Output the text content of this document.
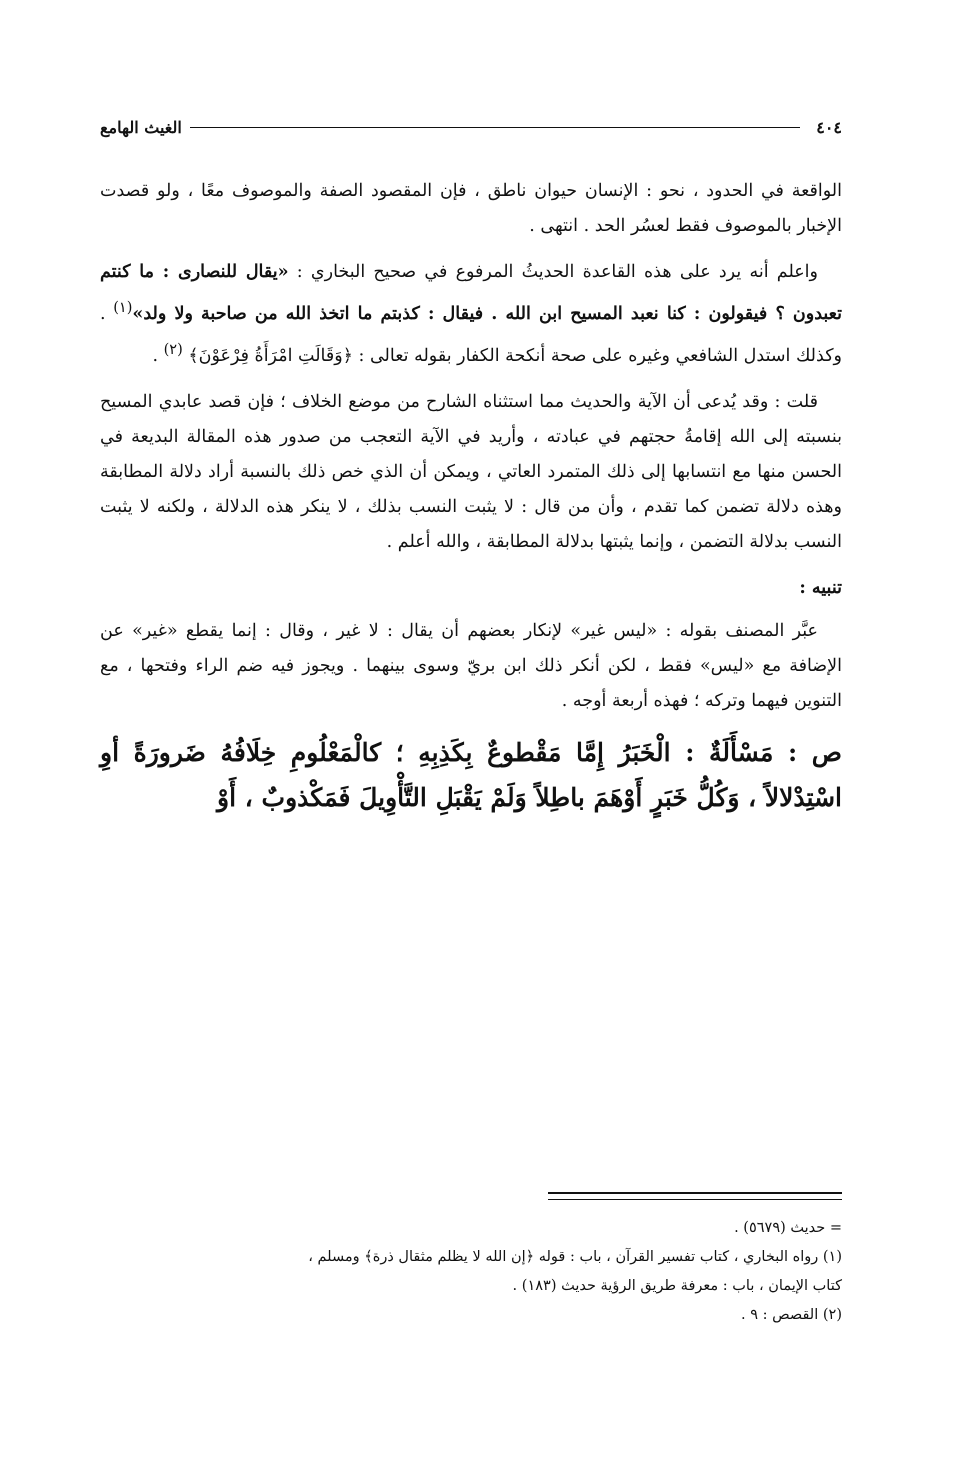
٤٠٤
الغيث الهامع

الواقعة في الحدود ، نحو : الإنسان حيوان ناطق ، فإن المقصود الصفة والموصوف معًا ، ولو قصدت الإخبار بالموصوف فقط لعسُر الحد . انتهى .

واعلم أنه يرد على هذه القاعدة الحديثُ المرفوع في صحيح البخاري : «يقال للنصارى : ما كنتم تعبدون ؟ فيقولون : كنا نعبد المسيح ابن الله . فيقال : كذبتم ما اتخذ الله من صاحبة ولا ولد»$^{(١)}$ . وكذلك استدل الشافعي وغيره على صحة أنكحة الكفار بقوله تعالى : ﴿وَقَالَتِ امْرَأَةُ فِرْعَوْنَ﴾ $^{(٢)}$ .

قلت : وقد يُدعى أن الآية والحديث مما استثناه الشارح من موضع الخلاف ؛ فإن قصد عابدي المسيح بنسبته إلى الله إقامةُ حجتهم في عبادته ، وأريد في الآية التعجب من صدور هذه المقالة البديعة في الحسن منها مع انتسابها إلى ذلك المتمرد العاتي ، ويمكن أن الذي خص ذلك بالنسبة أراد دلالة المطابقة وهذه دلالة تضمن كما تقدم ، وأن من قال : لا يثبت النسب بذلك ، لا ينكر هذه الدلالة ، ولكنه لا يثبت النسب بدلالة التضمن ، وإنما يثبتها بدلالة المطابقة ، والله أعلم .

تنبيه :

عبَّر المصنف بقوله : «ليس غير» لإنكار بعضهم أن يقال : لا غير ، وقال : إنما يقطع «غير» عن الإضافة مع «ليس» فقط ، لكن أنكر ذلك ابن بريّ وسوى بينهما . ويجوز فيه ضم الراء وفتحها ، مع التنوين فيهما وتركه ؛ فهذه أربعة أوجه .

ص : مَسْأَلَةٌ : الْخَبَرُ إِمَّا مَقْطوعٌ بِكَذِبِهِ ؛ كالْمَعْلُومِ خِلَافُهُ ضَرورَةً أوِ اسْتِدْلالاً ، وَكُلُّ خَبَرٍ أَوْهَمَ باطِلاً وَلَمْ يَقْبَلِ التَّأْوِيلَ فَمَكْذوبٌ ، أَوْ
= حديث (٥٦٧٩) .
(١) رواه البخاري ، كتاب تفسير القرآن ، باب : قوله ﴿إن الله لا يظلم مثقال ذرة﴾ ومسلم ،
كتاب الإيمان ، باب : معرفة طريق الرؤية حديث (١٨٣) .
(٢) القصص : ٩ .
